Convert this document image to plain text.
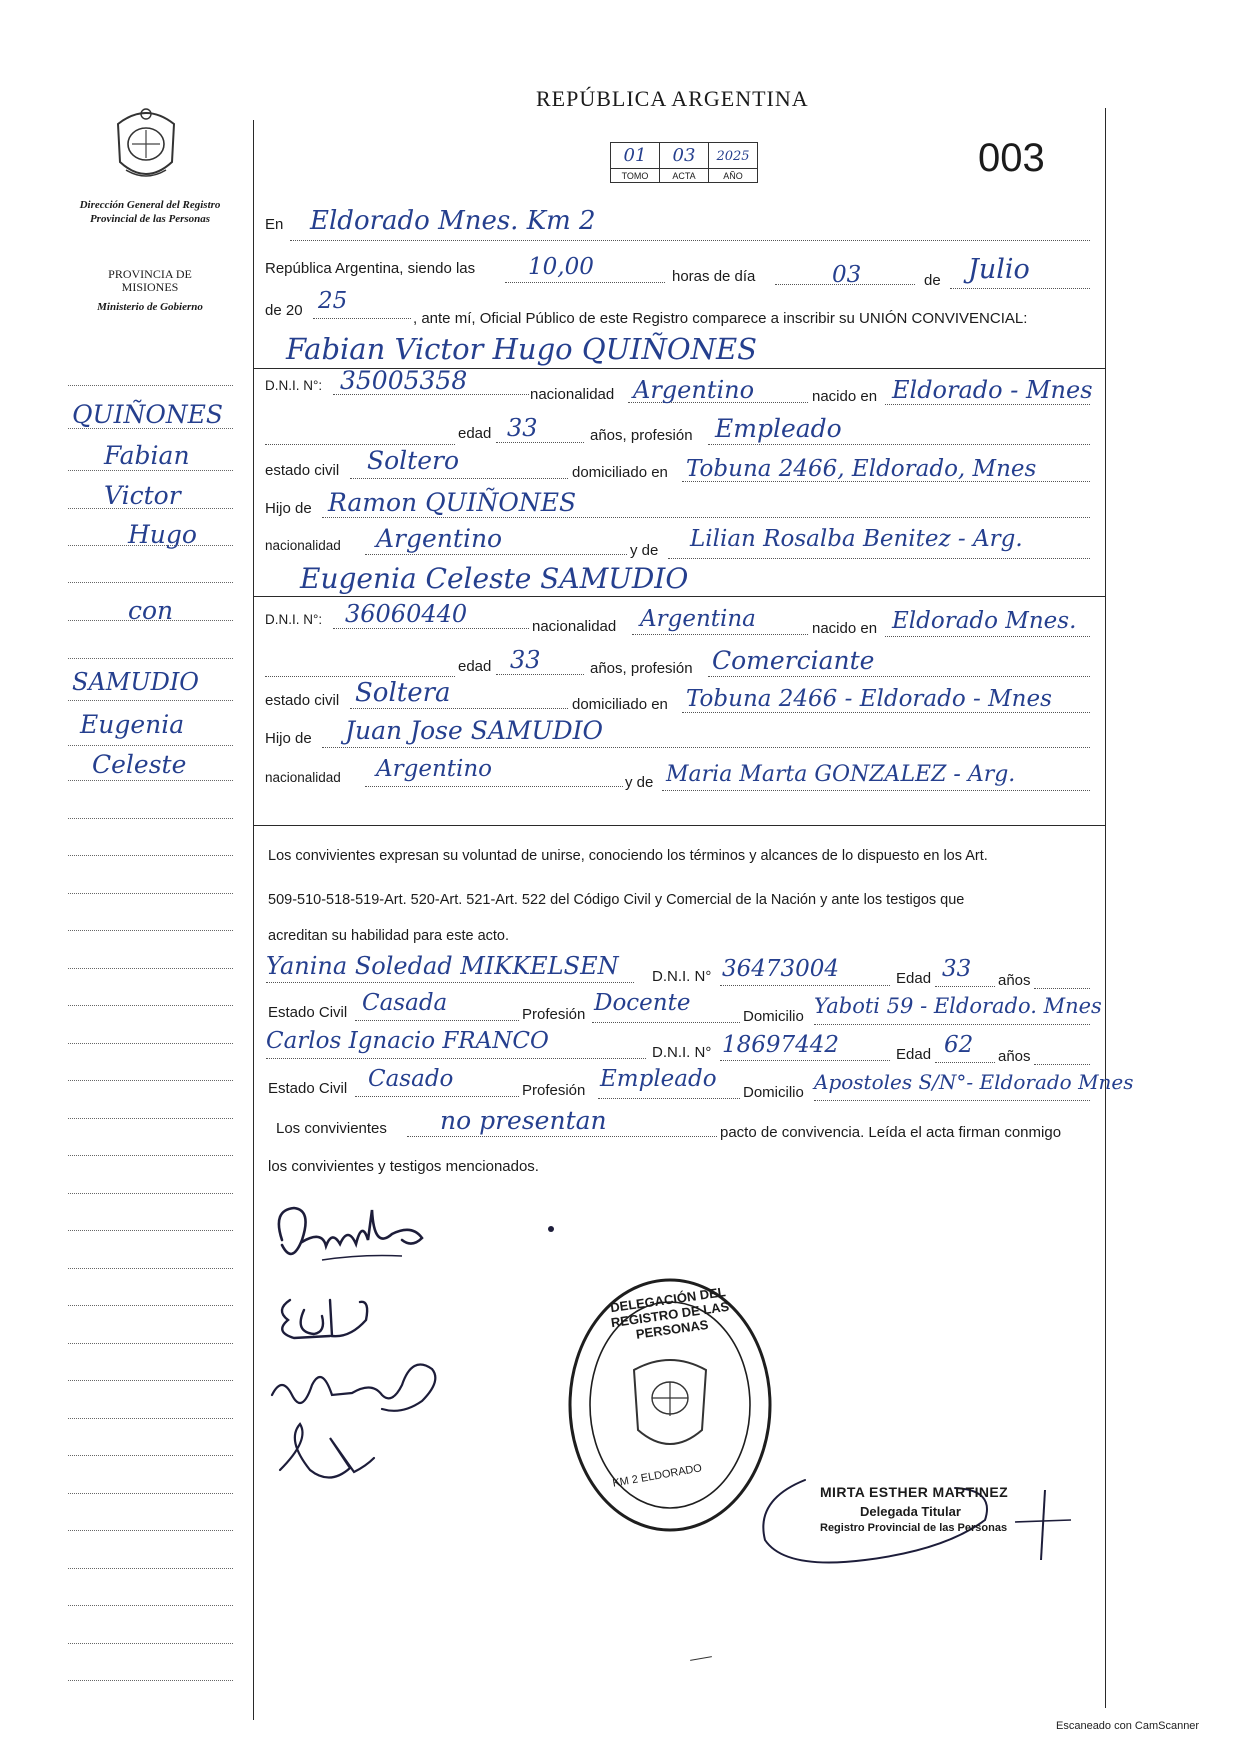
REPÚBLICA ARGENTINA
01	03	2025
TOMO	ACTA	AÑO	003
Dirección General del Registro Provincial de las Personas
PROVINCIA DE MISIONES
Ministerio de Gobierno
QUIÑONES
Fabian
Victor
Hugo
con
SAMUDIO
Eugenia
Celeste
En Eldorado Mnes. Km 2
República Argentina, siendo las 10,00	horas de día	03	de Julio
de 20 25
, ante mí, Oficial Público de este Registro comparece a inscribir su UNIÓN CONVIVENCIAL:
Fabian Victor Hugo QUIÑONES
D.N.I. N°: 35005358	nacionalidad Argentino	nacido en Eldorado - Mnes
edad 33	años, profesión Empleado
estado civil Soltero	domiciliado en Tobuna 2466, Eldorado, Mnes
Hijo de Ramon QUIÑONES
nacionalidad Argentino	y de Lilian Rosalba Benitez - Arg.
Eugenia Celeste SAMUDIO
D.N.I. N°: 36060440	nacionalidad Argentina	nacido en Eldorado Mnes.
edad 33	años, profesión Comerciante
estado civil Soltera	domiciliado en Tobuna 2466 - Eldorado - Mnes
Hijo de Juan Jose SAMUDIO
nacionalidad Argentino
y de Maria Marta GONZALEZ - Arg.
Los convivientes expresan su voluntad de unirse, conociendo los términos y alcances de lo dispuesto en los Art.
509-510-518-519-Art. 520-Art. 521-Art. 522 del Código Civil y Comercial de la Nación y ante los testigos que
acreditan su habilidad para este acto.
Yanina Soledad MIKKELSEN D.N.I. N° 36473004	Edad 33 años
Estado Civil Casada	Profesión Docente
Domicilio Yaboti 59 - Eldorado. Mnes
Carlos Ignacio FRANCO	D.N.I. N° 18697442	Edad 62 años
Estado Civil Casado	Profesión Empleado
Domicilio Apostoles S/N°- Eldorado Mnes
Los convivientes no presentan	pacto de convivencia. Leída el acta firman conmigo
los convivientes y testigos mencionados.
DELEGACIÓN DEL REGISTRO DE LAS PERSONAS
KM 2 ELDORADO
MIRTA ESTHER MARTINEZ
Delegada Titular
Registro Provincial de las Personas
Escaneado con CamScanner
